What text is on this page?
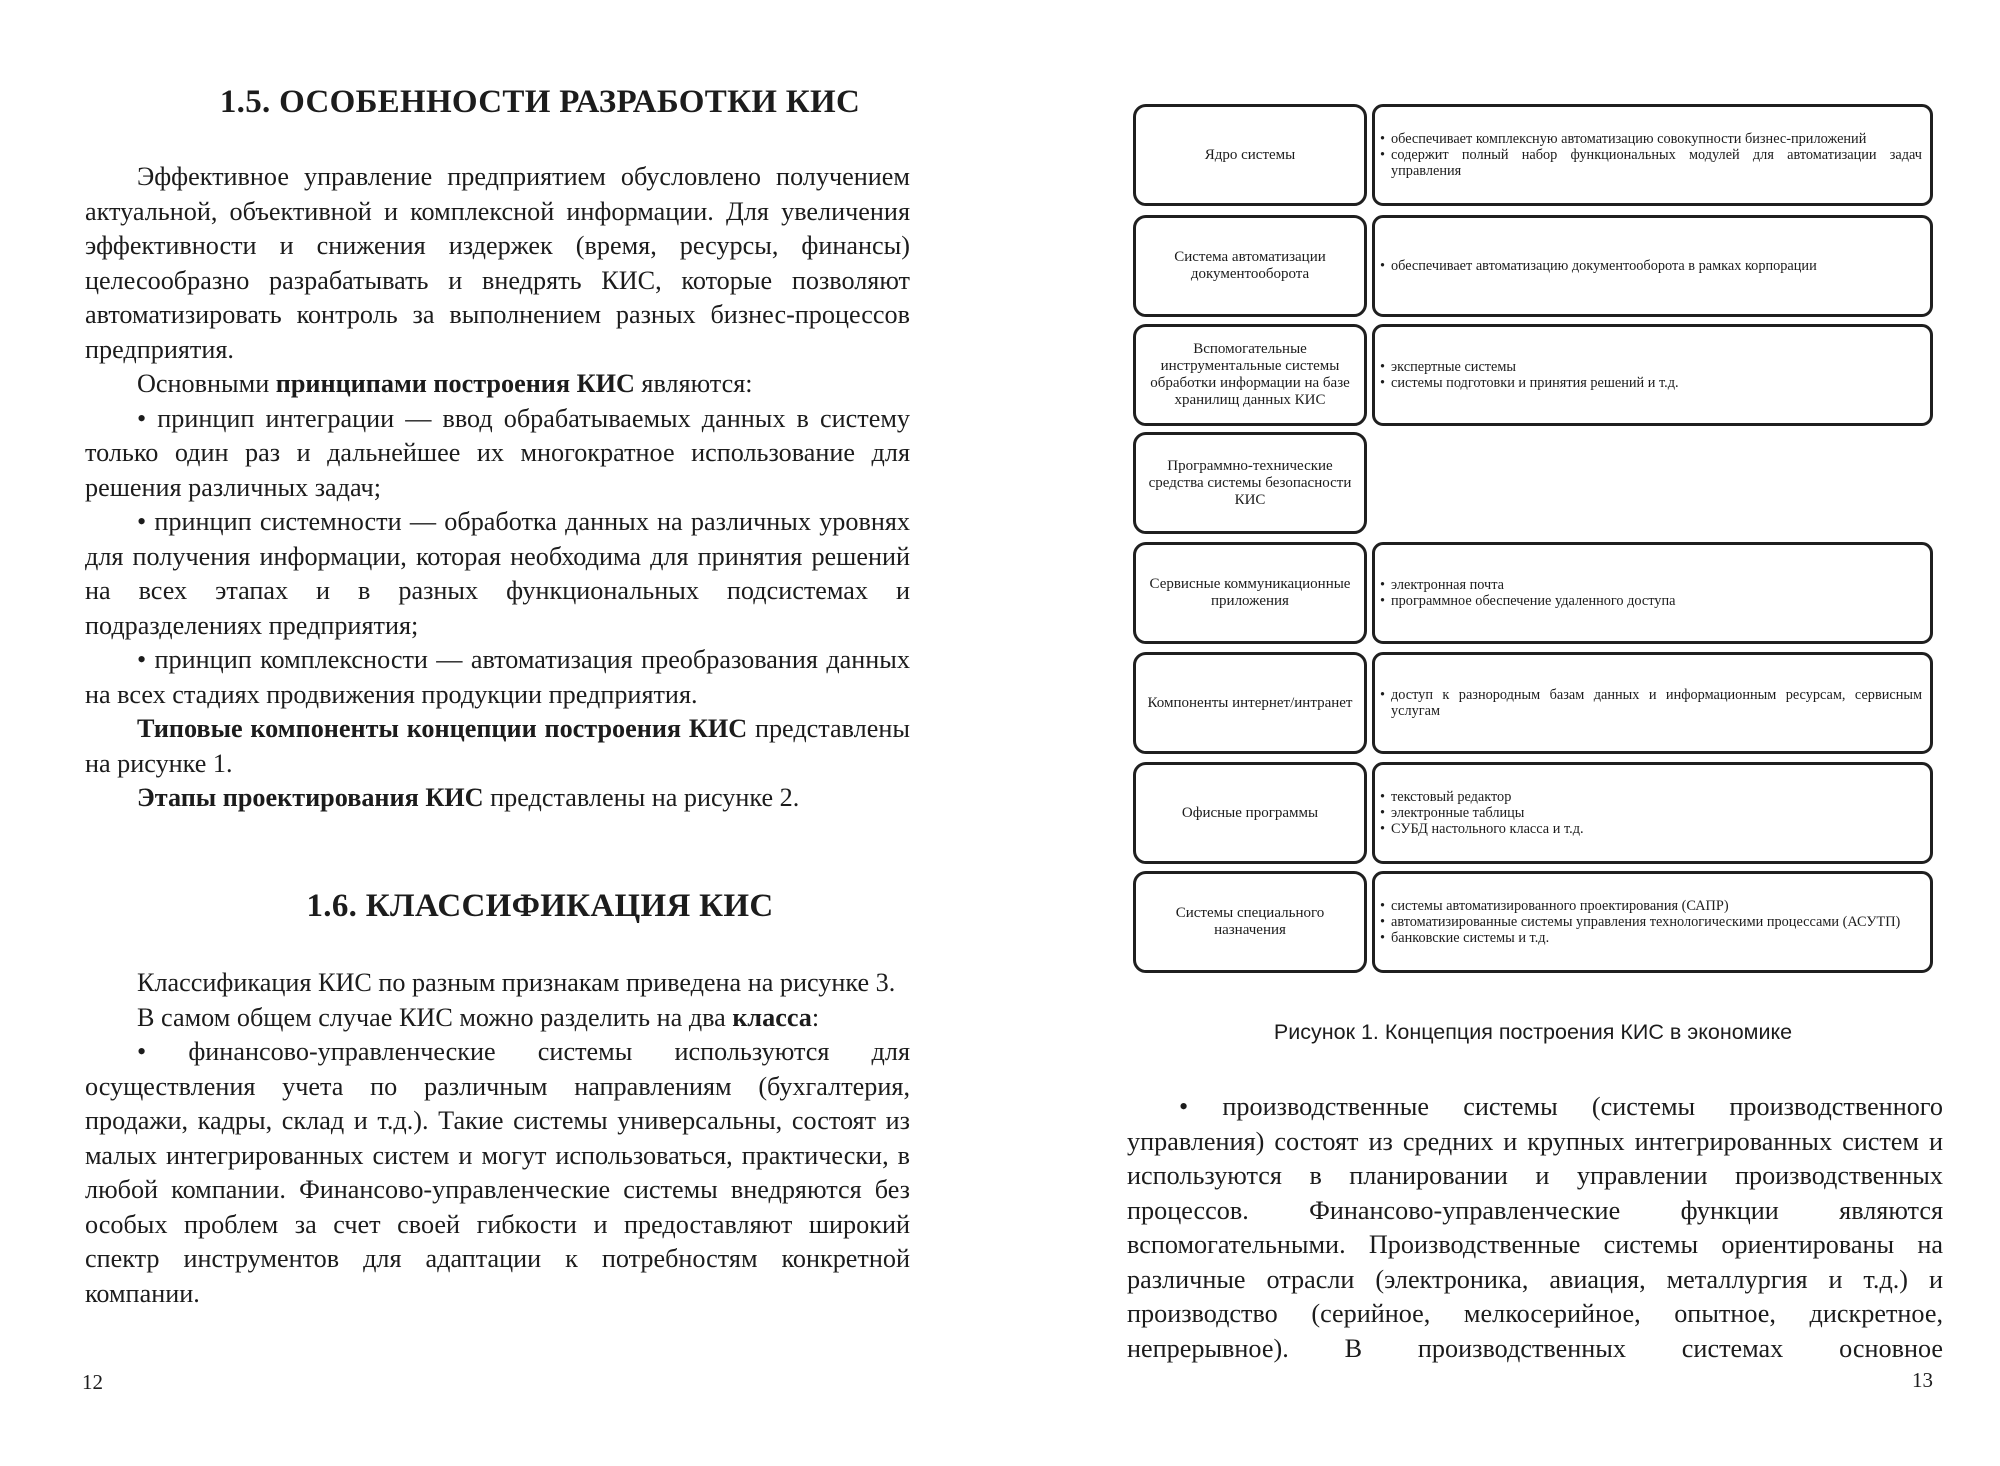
1.5. ОСОБЕННОСТИ РАЗРАБОТКИ КИС

Эффективное управление предприятием обусловлено получением актуальной, объективной и комплексной информации. Для увеличения эффективности и снижения издержек (время, ресурсы, финансы) целесообразно разрабатывать и внедрять КИС, которые позволяют автоматизировать контроль за выполнением разных бизнес-процессов предприятия.

Основными принципами построения КИС являются:

• принцип интеграции — ввод обрабатываемых данных в систему только один раз и дальнейшее их многократное использование для решения различных задач;

• принцип системности — обработка данных на различных уровнях для получения информации, которая необходима для принятия решений на всех этапах и в разных функциональных подсистемах и подразделениях предприятия;

• принцип комплексности — автоматизация преобразования данных на всех стадиях продвижения продукции предприятия.

Типовые компоненты концепции построения КИС представлены на рисунке 1.

Этапы проектирования КИС представлены на рисунке 2.

1.6. КЛАССИФИКАЦИЯ КИС

Классификация КИС по разным признакам приведена на рисунке 3.

В самом общем случае КИС можно разделить на два класса:

• финансово-управленческие системы используются для осуществления учета по различным направлениям (бухгалтерия, продажи, кадры, склад и т.д.). Такие системы универсальны, состоят из малых интегрированных систем и могут использоваться, практически, в любой компании. Финансово-управленческие системы внедряются без особых проблем за счет своей гибкости и предоставляют широкий спектр инструментов для адаптации к потребностям конкретной компании.

12
Ядро системы
• обеспечивает комплексную автоматизацию совокупности бизнес-приложений
• содержит полный набор функциональных модулей для автоматизации задач управления
Система автоматизации документооборота	• обеспечивает автоматизацию документооборота в рамках корпорации
Вспомогательные инструментальные системы обработки информации на базе хранилищ данных КИС
• экспертные системы
• системы подготовки и принятия решений и т.д.
Программно-технические средства системы безопасности КИС
Сервисные коммуникационные приложения
• электронная почта
• программное обеспечение удаленного доступа
Компоненты интернет/интранет	• доступ к разнородным базам данных и информационным ресурсам, сервисным услугам
Офисные программы
• текстовый редактор
• электронные таблицы
• СУБД настольного класса и т.д.
Системы специального назначения
• системы автоматизированного проектирования (САПР)
• автоматизированные системы управления технологическими процессами (АСУТП)
• банковские системы и т.д.
Рисунок 1. Концепция построения КИС в экономике

• производственные системы (системы производственного управления) состоят из средних и крупных интегрированных систем и используются в планировании и управлении производственных процессов. Финансово-управленческие функции являются вспомогательными. Производственные системы ориентированы на различные отрасли (электроника, авиация, металлургия и т.д.) и производство (серийное, мелкосерийное, опытное, дискретное, непрерывное). В производственных системах основное

13
